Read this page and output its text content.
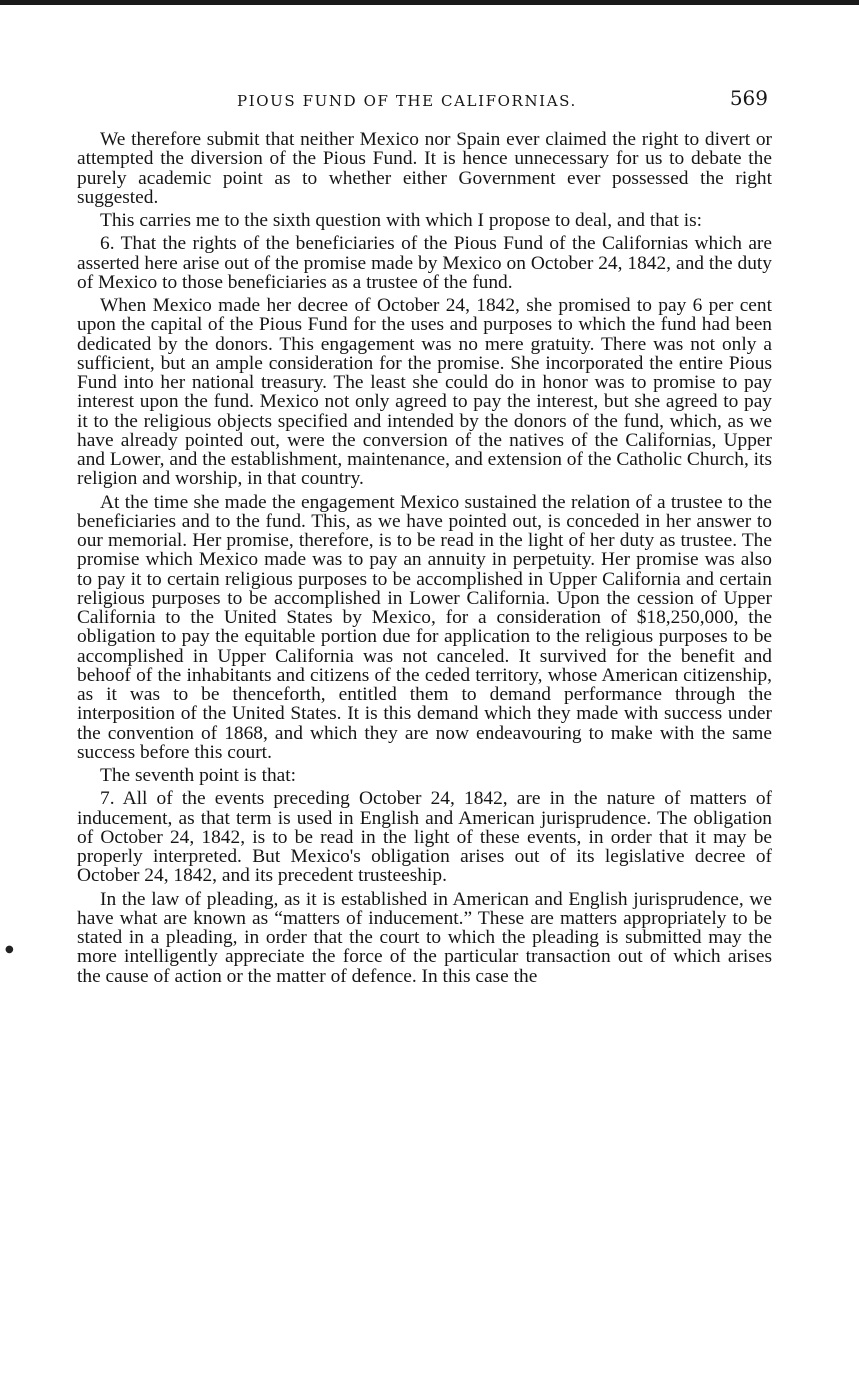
PIOUS FUND OF THE CALIFORNIAS.	569

We therefore submit that neither Mexico nor Spain ever claimed the right to divert or attempted the diversion of the Pious Fund. It is hence unnecessary for us to debate the purely academic point as to whether either Government ever possessed the right suggested.

This carries me to the sixth question with which I propose to deal, and that is:

6. That the rights of the beneficiaries of the Pious Fund of the Californias which are asserted here arise out of the promise made by Mexico on October 24, 1842, and the duty of Mexico to those beneficiaries as a trustee of the fund.

When Mexico made her decree of October 24, 1842, she promised to pay 6 per cent upon the capital of the Pious Fund for the uses and purposes to which the fund had been dedicated by the donors. This engagement was no mere gratuity. There was not only a sufficient, but an ample consideration for the promise. She incorporated the entire Pious Fund into her national treasury. The least she could do in honor was to promise to pay interest upon the fund. Mexico not only agreed to pay the interest, but she agreed to pay it to the religious objects specified and intended by the donors of the fund, which, as we have already pointed out, were the conversion of the natives of the Californias, Upper and Lower, and the establishment, maintenance, and extension of the Catholic Church, its religion and worship, in that country.

At the time she made the engagement Mexico sustained the relation of a trustee to the beneficiaries and to the fund. This, as we have pointed out, is conceded in her answer to our memorial. Her promise, therefore, is to be read in the light of her duty as trustee. The promise which Mexico made was to pay an annuity in perpetuity. Her promise was also to pay it to certain religious purposes to be accomplished in Upper California and certain religious purposes to be accomplished in Lower California. Upon the cession of Upper California to the United States by Mexico, for a consideration of $18,250,000, the obligation to pay the equitable portion due for application to the religious purposes to be accomplished in Upper California was not canceled. It survived for the benefit and behoof of the inhabitants and citizens of the ceded territory, whose American citizenship, as it was to be thenceforth, entitled them to demand performance through the interposition of the United States. It is this demand which they made with success under the convention of 1868, and which they are now endeavouring to make with the same success before this court.

The seventh point is that:

7. All of the events preceding October 24, 1842, are in the nature of matters of inducement, as that term is used in English and American jurisprudence. The obligation of October 24, 1842, is to be read in the light of these events, in order that it may be properly interpreted. But Mexico's obligation arises out of its legislative decree of October 24, 1842, and its precedent trusteeship.

In the law of pleading, as it is established in American and English jurisprudence, we have what are known as “matters of inducement.” These are matters appropriately to be stated in a pleading, in order that the court to which the pleading is submitted may the more intelligently appreciate the force of the particular transaction out of which arises the cause of action or the matter of defence. In this case the

●
